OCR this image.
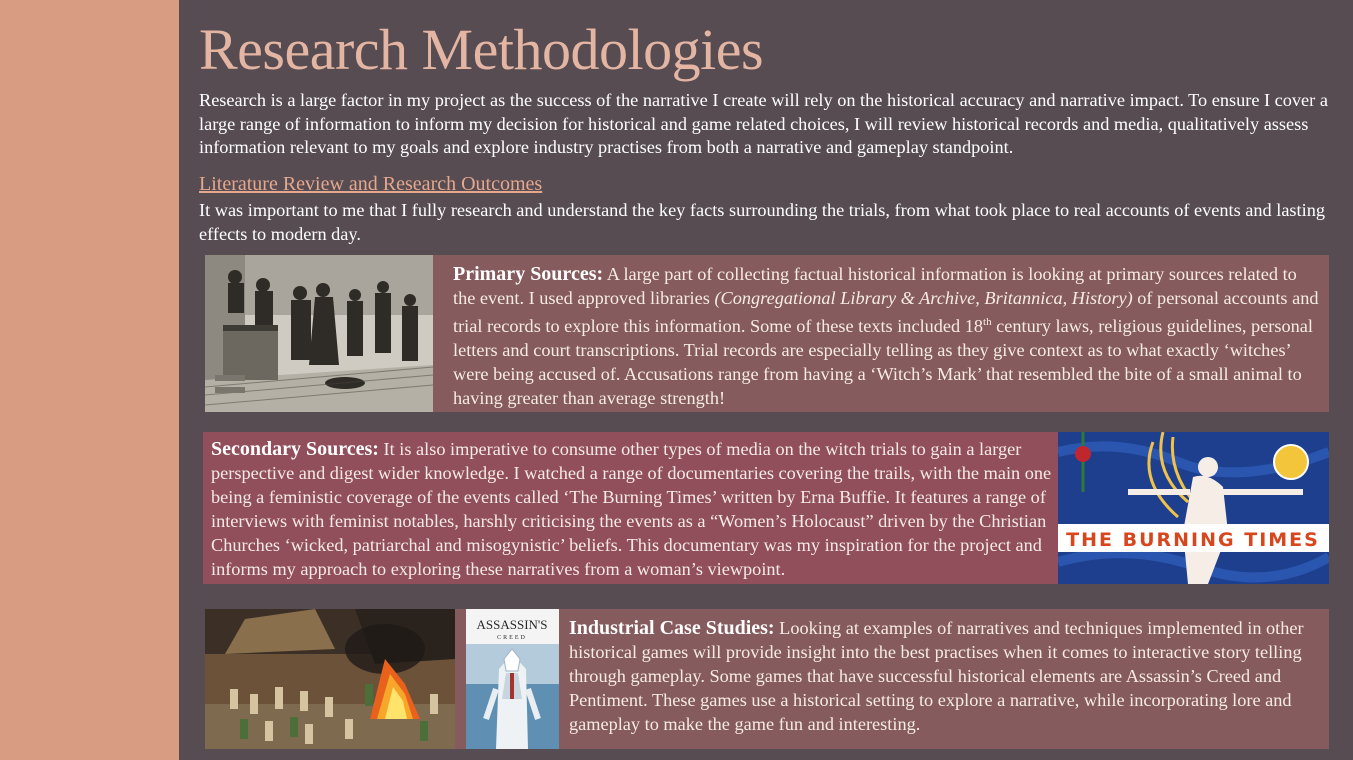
Research Methodologies

Research is a large factor in my project as the success of the narrative I create will rely on the historical accuracy and narrative impact. To ensure I cover a large range of information to inform my decision for historical and game related choices, I will review historical records and media, qualitatively assess information relevant to my goals and explore industry practises from both a narrative and gameplay standpoint.

Literature Review and Research Outcomes

It was important to me that I fully research and understand the key facts surrounding the trials, from what took place to real accounts of events and lasting effects to modern day.

Primary Sources: A large part of collecting factual historical information is looking at primary sources related to the event. I used approved libraries (Congregational Library & Archive, Britannica, History) of personal accounts and trial records to explore this information. Some of these texts included 18th century laws, religious guidelines, personal letters and court transcriptions. Trial records are especially telling as they give context as to what exactly ‘witches’ were being accused of. Accusations range from having a ‘Witch’s Mark’ that resembled the bite of a small animal to having greater than average strength!

Secondary Sources: It is also imperative to consume other types of media on the witch trials to gain a larger perspective and digest wider knowledge. I watched a range of documentaries covering the trails, with the main one being a feministic coverage of the events called ‘The Burning Times’ written by Erna Buffie. It features a range of interviews with feminist notables, harshly criticising the events as a “Women’s Holocaust” driven by the Christian Churches ‘wicked, patriarchal and misogynistic’ beliefs. This documentary was my inspiration for the project and informs my approach to exploring these narratives from a woman’s viewpoint.

THE BURNING TIMES
ASSASSIN'S
CREED Industrial Case Studies: Looking at examples of narratives and techniques implemented in other historical games will provide insight into the best practises when it comes to interactive story telling through gameplay. Some games that have successful historical elements are Assassin’s Creed and Pentiment. These games use a historical setting to explore a narrative, while incorporating lore and gameplay to make the game fun and interesting.
